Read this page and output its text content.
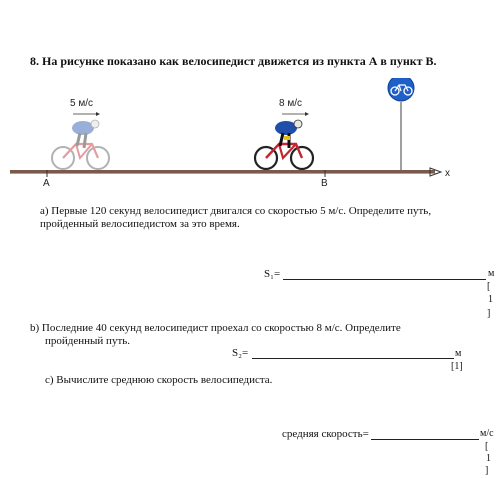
8. На рисунке показано как велосипедист движется из пункта А в пункт В.
5 м/с	8 м/с
x
A	B
a) Первые 120 секунд велосипедист двигался со скоростью 5 м/с. Определите путь,
пройденный велосипедистом за это время.
S₁=	м
[
1
]
b) Последние 40 секунд велосипедист проехал со скоростью 8 м/с. Определите
пройденный путь.
S₂=	м
[1]
c) Вычислите среднюю скорость велосипедиста.
средняя скорость=	м/с
[
1
]
